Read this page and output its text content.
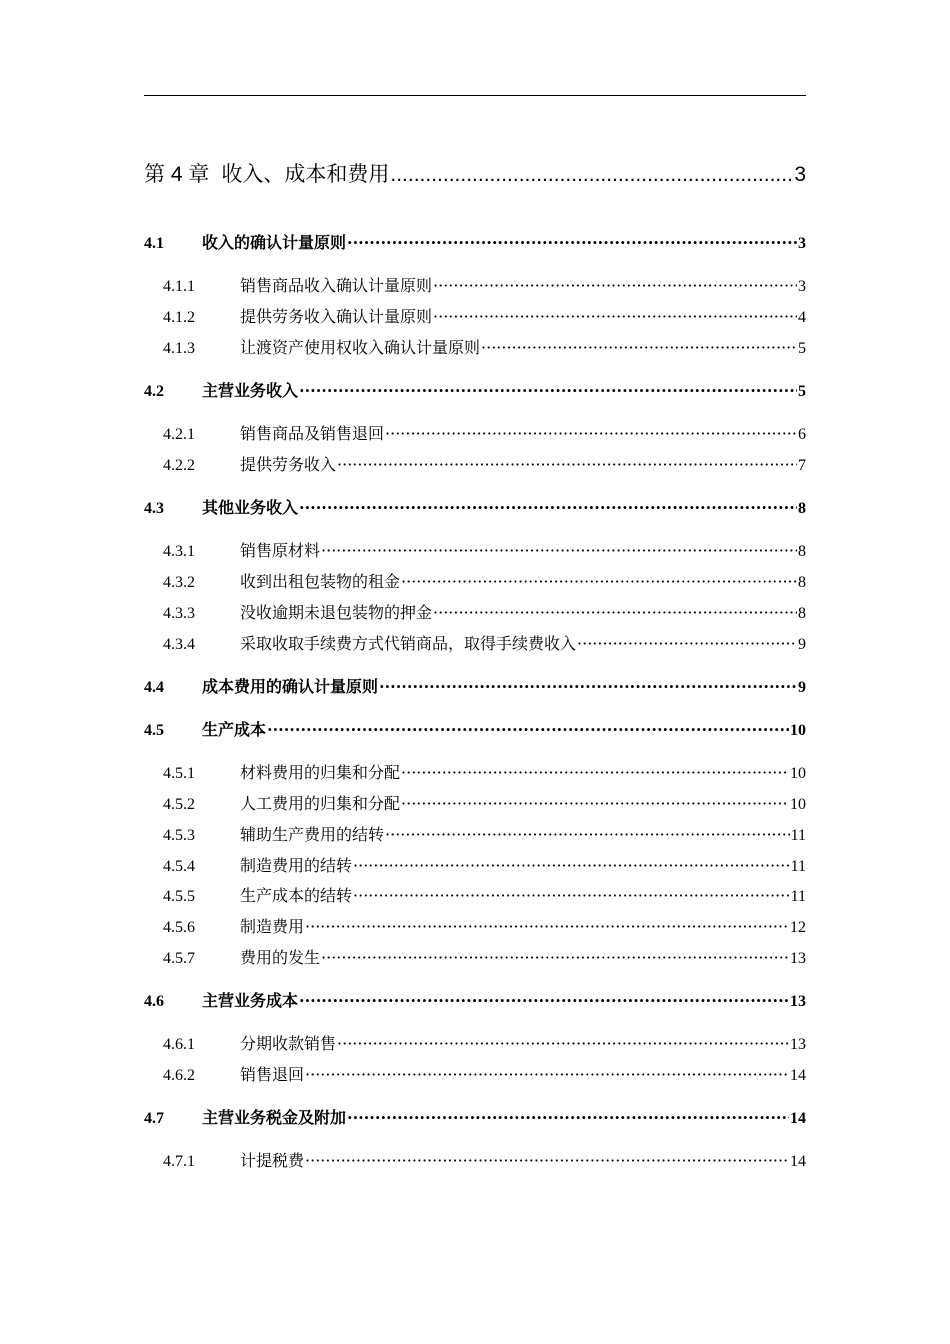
第 4 章 收入、成本和费用 .....	3
4.1	收入的确认计量原则 ·····	3
4.1.1	销售商品收入确认计量原则 ·····	3
4.1.2	提供劳务收入确认计量原则 ·····	4
4.1.3	让渡资产使用权收入确认计量原则 ·····	5
4.2	主营业务收入 ·····	5
4.2.1	销售商品及销售退回 ·····	6
4.2.2	提供劳务收入 ·····	7
4.3	其他业务收入 ·····	8
4.3.1	销售原材料 ·····	8
4.3.2	收到出租包装物的租金 ·····	8
4.3.3	没收逾期未退包装物的押金 ·····	8
4.3.4	采取收取手续费方式代销商品，取得手续费收入 ·····	9
4.4	成本费用的确认计量原则 ·····	9
4.5	生产成本 ·····	10
4.5.1	材料费用的归集和分配 ·····	10
4.5.2	人工费用的归集和分配 ·····	10
4.5.3	辅助生产费用的结转 ·····	11
4.5.4	制造费用的结转 ·····	11
4.5.5	生产成本的结转 ·····	11
4.5.6	制造费用 ·····	12
4.5.7	费用的发生 ·····	13
4.6	主营业务成本 ·····	13
4.6.1	分期收款销售 ·····	13
4.6.2	销售退回 ·····	14
4.7	主营业务税金及附加 ·····	14
4.7.1	计提税费 ·····	14
